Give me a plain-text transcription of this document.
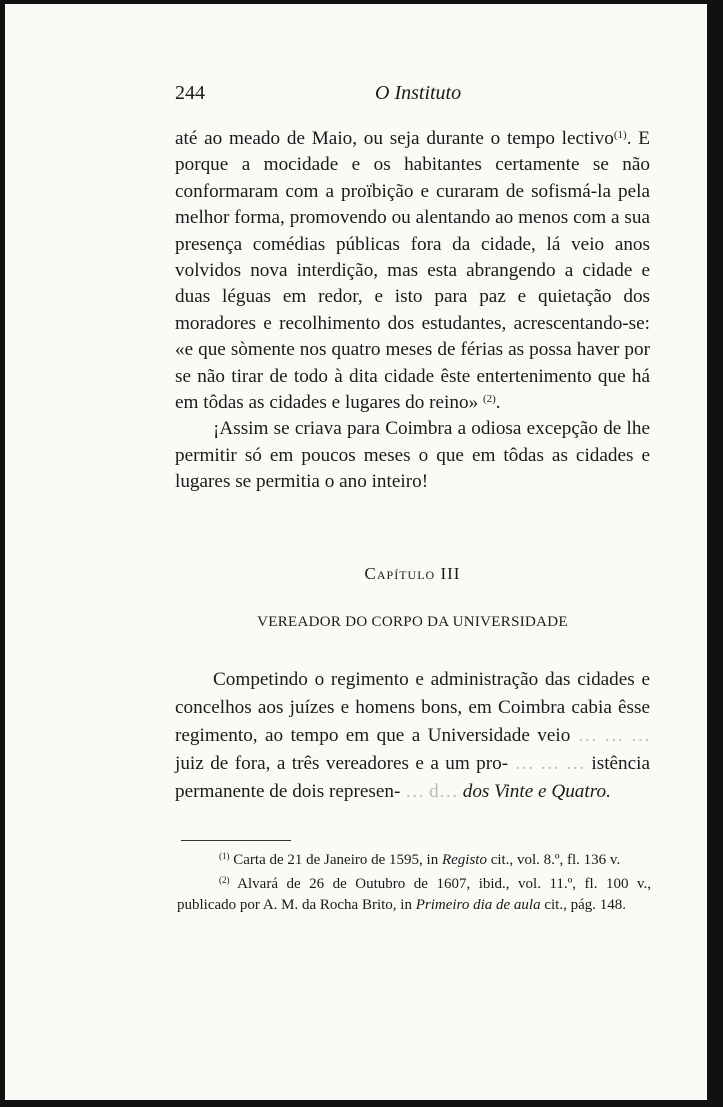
244	O Instituto

até ao meado de Maio, ou seja durante o tempo lectivo$^{(1)}$. E porque a mocidade e os habitantes certamente se não conformaram com a proïbição e curaram de sofismá-la pela melhor forma, promovendo ou alentando ao menos com a sua presença comédias públicas fora da cidade, lá veio anos volvidos nova interdição, mas esta abrangendo a cidade e duas léguas em redor, e isto para paz e quietação dos moradores e recolhimento dos estudantes, acrescentando-se: «e que sòmente nos quatro meses de férias as possa haver por se não tirar de todo à dita cidade êste entertenimento que há em tôdas as cidades e lugares do reino» $^{(2)}$.

¡Assim se criava para Coimbra a odiosa excepção de lhe permitir só em poucos meses o que em tôdas as cidades e lugares se permitia o ano inteiro!

Capítulo III
VEREADOR DO CORPO DA UNIVERSIDADE

Competindo o regimento e administração das cidades e concelhos aos juízes e homens bons, em Coimbra cabia êsse regimento, ao tempo em que a Universidade veio … … … juiz de fora, a três vereadores e a um pro- … … … istência permanente de dois represen- … d… dos Vinte e Quatro.

$^{(1)}$ Carta de 21 de Janeiro de 1595, in Registo cit., vol. 8.º, fl. 136 v.

$^{(2)}$ Alvará de 26 de Outubro de 1607, ibid., vol. 11.º, fl. 100 v., publicado por A. M. da Rocha Brito, in Primeiro dia de aula cit., pág. 148.
